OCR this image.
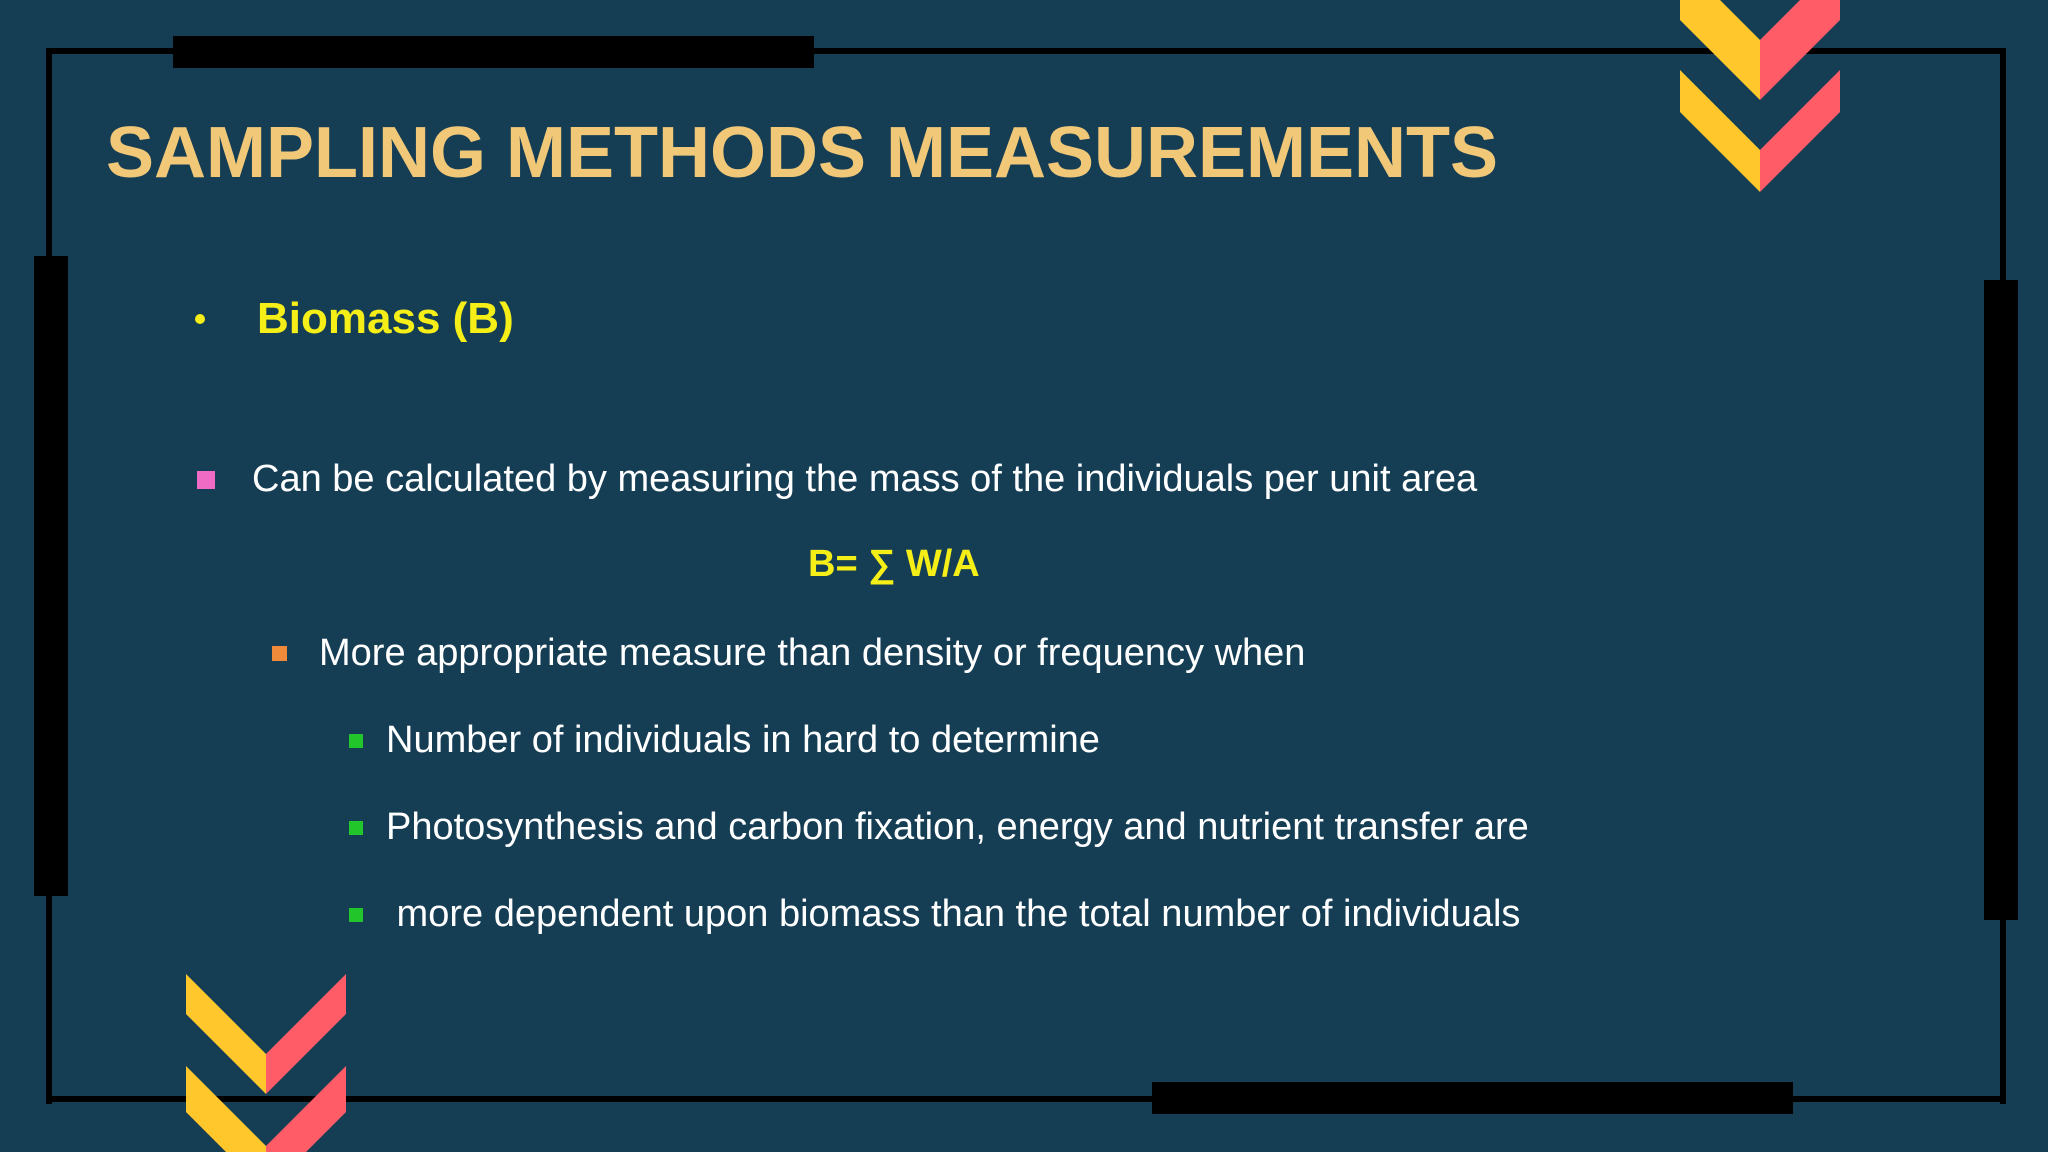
SAMPLING METHODS MEASUREMENTS
Biomass (B)
Can be calculated by measuring the mass of the individuals per unit area
B= ∑ W/A
More appropriate measure than density or frequency when
Number of individuals in hard to determine
Photosynthesis and carbon fixation, energy and nutrient transfer are
more dependent upon biomass than the total number of individuals
